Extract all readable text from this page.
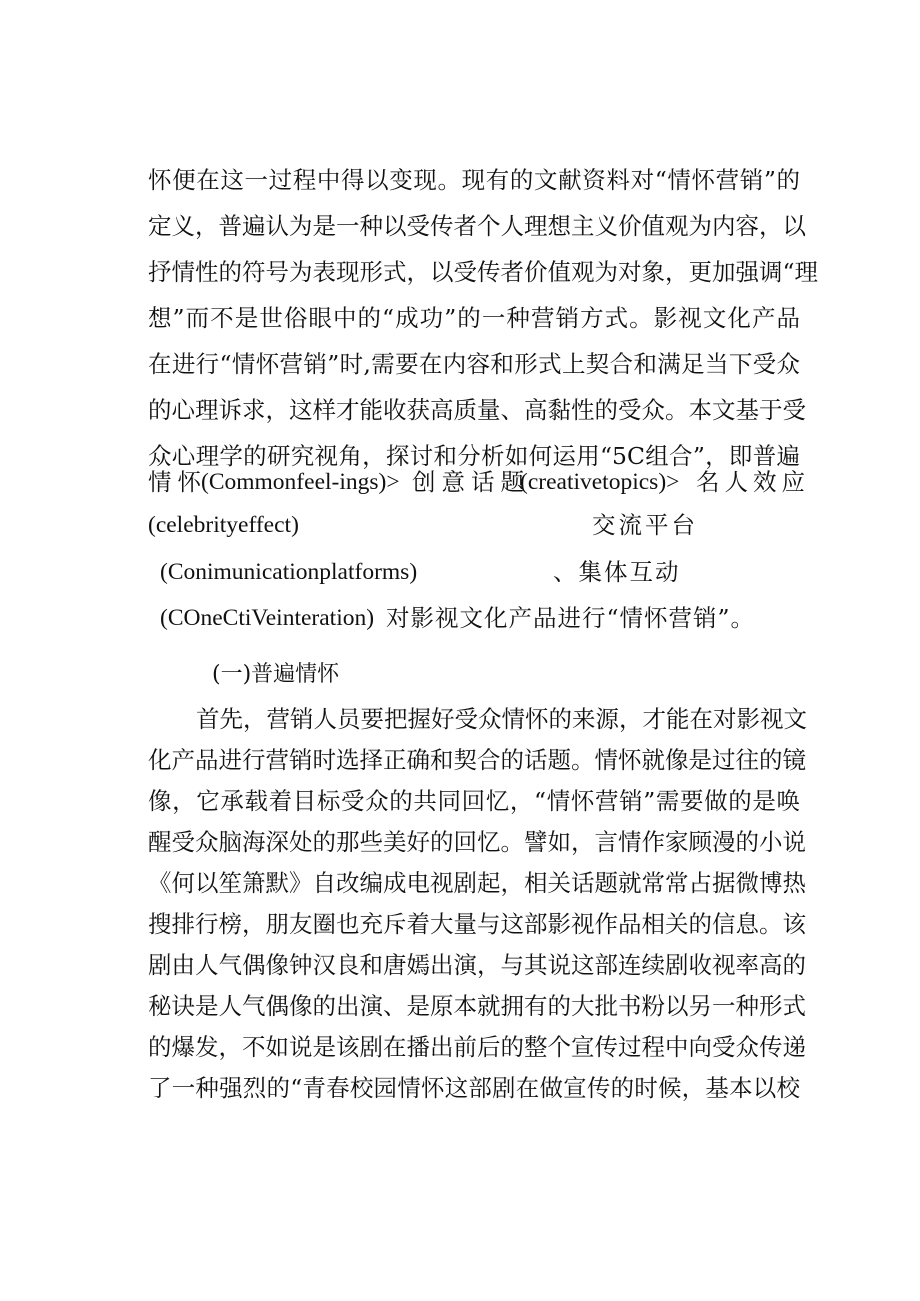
怀便在这一过程中得以变现。现有的文献资料对“情怀营销”的
定义，普遍认为是一种以受传者个人理想主义价值观为内容，以
抒情性的符号为表现形式，以受传者价值观为对象，更加强调“理
想”而不是世俗眼中的“成功”的一种营销方式。影视文化产品
在进行“情怀营销”时,需要在内容和形式上契合和满足当下受众
的心理诉求，这样才能收获高质量、高黏性的受众。本文基于受
众心理学的研究视角，探讨和分析如何运用“5C组合”，即普遍
情怀
(Commonfeel-ings)> 创意话题
(creativetopics)> 名人效应
(celebrityeffect)	交流平台
(Conimunicationplatforms)	、集体互动
(COneCtiVeinteration) 对影视文化产品进行“情怀营销”。
(一)普遍情怀
首先，营销人员要把握好受众情怀的来源，才能在对影视文
化产品进行营销时选择正确和契合的话题。情怀就像是过往的镜
像，它承载着目标受众的共同回忆，“情怀营销”需要做的是唤
醒受众脑海深处的那些美好的回忆。譬如，言情作家顾漫的小说
《何以笙箫默》自改编成电视剧起，相关话题就常常占据微博热
搜排行榜，朋友圈也充斥着大量与这部影视作品相关的信息。该
剧由人气偶像钟汉良和唐嫣出演，与其说这部连续剧收视率高的
秘诀是人气偶像的出演、是原本就拥有的大批书粉以另一种形式
的爆发，不如说是该剧在播出前后的整个宣传过程中向受众传递
了一种强烈的“青春校园情怀这部剧在做宣传的时候，基本以校
